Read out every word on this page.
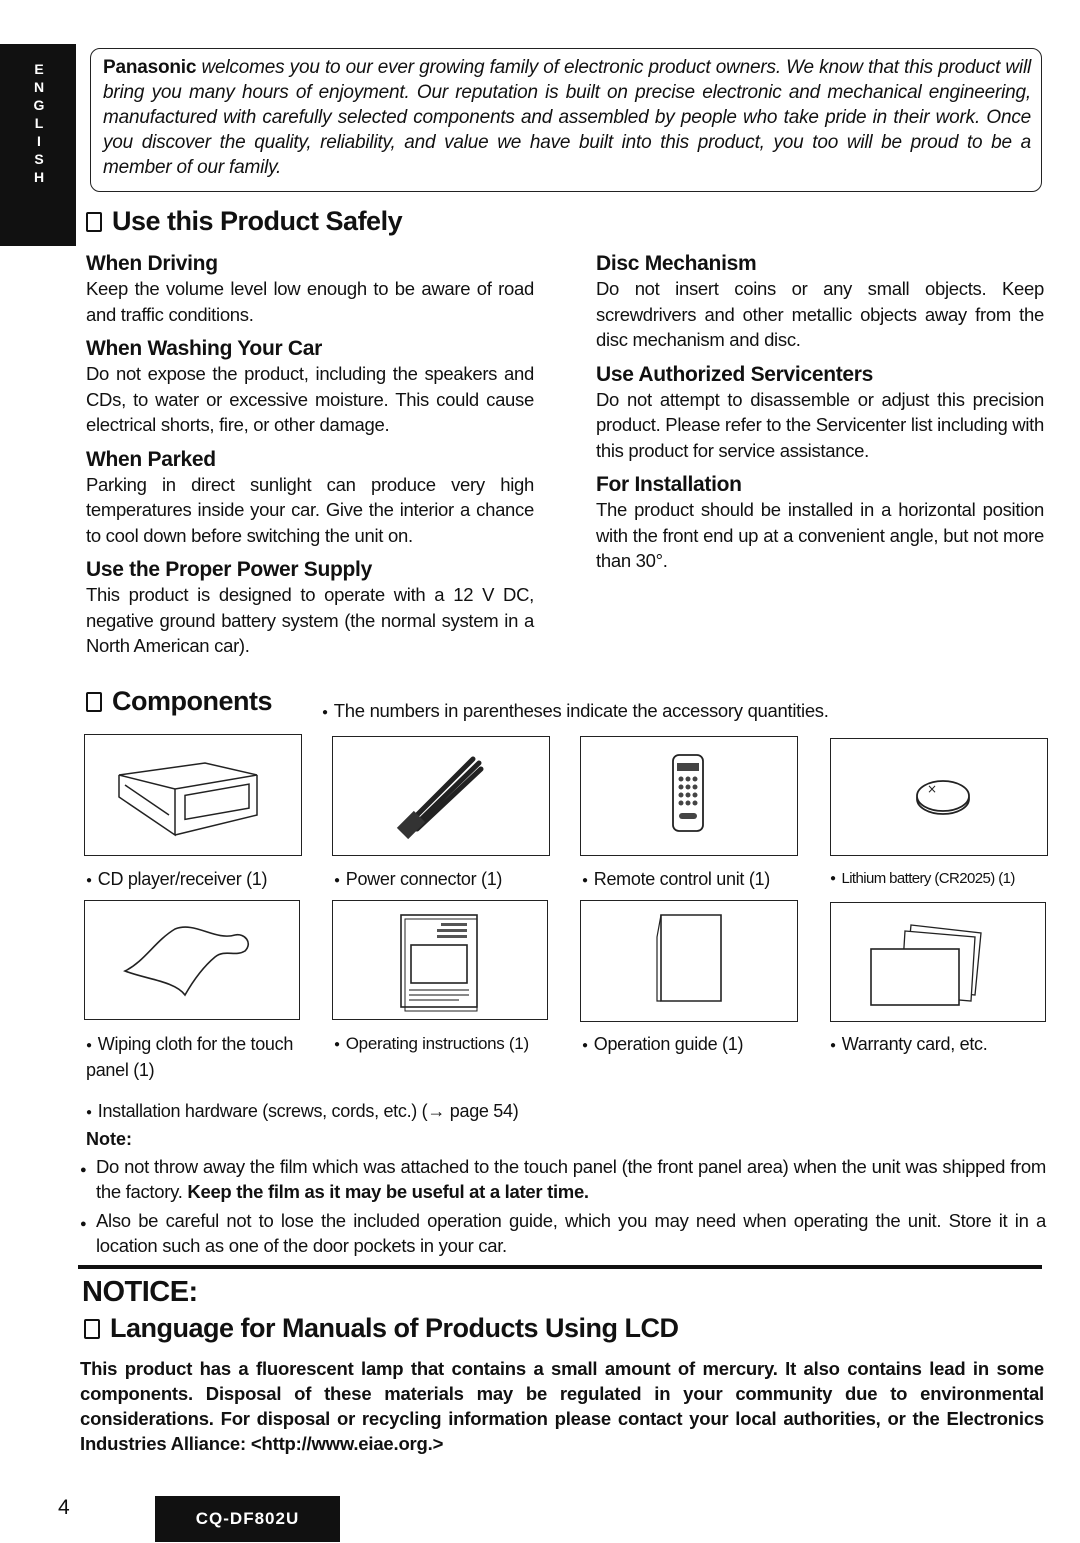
E
N
G
L
I
S
H
Panasonic welcomes you to our ever growing family of electronic product owners. We know that this product will bring you many hours of enjoyment. Our reputation is built on precise electronic and mechanical engineering, manufactured with carefully selected components and assembled by people who take pride in their work. Once you discover the quality, reliability, and value we have built into this product, you too will be proud to be a member of our family.
Use this Product Safely
When Driving
Keep the volume level low enough to be aware of road and traffic conditions.
When Washing Your Car
Do not expose the product, including the speakers and CDs, to water or excessive moisture. This could cause electrical shorts, fire, or other damage.
When Parked
Parking in direct sunlight can produce very high temperatures inside your car. Give the interior a chance to cool down before switching the unit on.
Use the Proper Power Supply
This product is designed to operate with a 12 V DC, negative ground battery system (the normal system in a North American car).
Disc Mechanism
Do not insert coins or any small objects. Keep screwdrivers and other metallic objects away from the disc mechanism and disc.
Use Authorized Servicenters
Do not attempt to disassemble or adjust this precision product. Please refer to the Servicenter list including with this product for service assistance.
For Installation
The product should be installed in a horizontal position with the front end up at a convenient angle, but not more than 30°.
Components	● The numbers in parentheses indicate the accessory quantities.
×
● CD player/receiver (1)	● Power connector (1)	● Remote control unit (1)	● Lithium battery (CR2025) (1)
● Wiping cloth for the touch panel (1)
● Operating instructions (1)	● Operation guide (1)	● Warranty card, etc.
● Installation hardware (screws, cords, etc.) (→ page 54)
Note:
● Do not throw away the film which was attached to the touch panel (the front panel area) when the unit was shipped from the factory. Keep the film as it may be useful at a later time.
● Also be careful not to lose the included operation guide, which you may need when operating the unit. Store it in a location such as one of the door pockets in your car.
NOTICE:
Language for Manuals of Products Using LCD
This product has a fluorescent lamp that contains a small amount of mercury. It also contains lead in some components. Disposal of these materials may be regulated in your community due to environmental considerations. For disposal or recycling information please contact your local authorities, or the Electronics Industries Alliance: <http://www.eiae.org.>
4	CQ-DF802U
